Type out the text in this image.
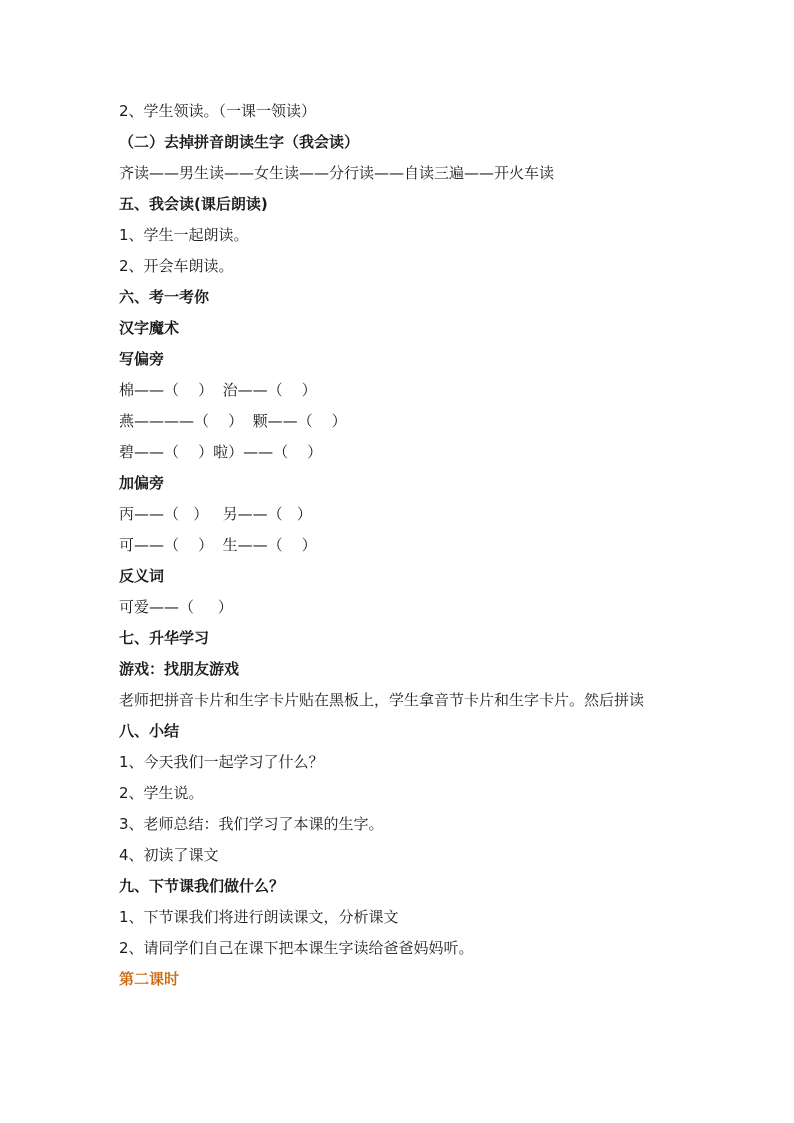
2、学生领读。（一课一领读）
（二）去掉拼音朗读生字（我会读）
齐读——男生读——女生读——分行读——自读三遍——开火车读
五、我会读(课后朗读)
1、学生一起朗读。
2、开会车朗读。
六、考一考你
汉字魔术
写偏旁
棉——（    ）  治——（    ）
燕————（    ）  颗——（    ）
碧——（    ）啦）——（    ）
加偏旁
丙——（   ）   另——（   ）
可——（    ）  生——（    ）
反义词
可爱——（     ）
七、升华学习
游戏：找朋友游戏
老师把拼音卡片和生字卡片贴在黑板上，学生拿音节卡片和生字卡片。然后拼读
八、小结
1、今天我们一起学习了什么？
2、学生说。
3、老师总结：我们学习了本课的生字。
4、初读了课文
九、下节课我们做什么？
1、下节课我们将进行朗读课文，分析课文
2、请同学们自己在课下把本课生字读给爸爸妈妈听。
第二课时
